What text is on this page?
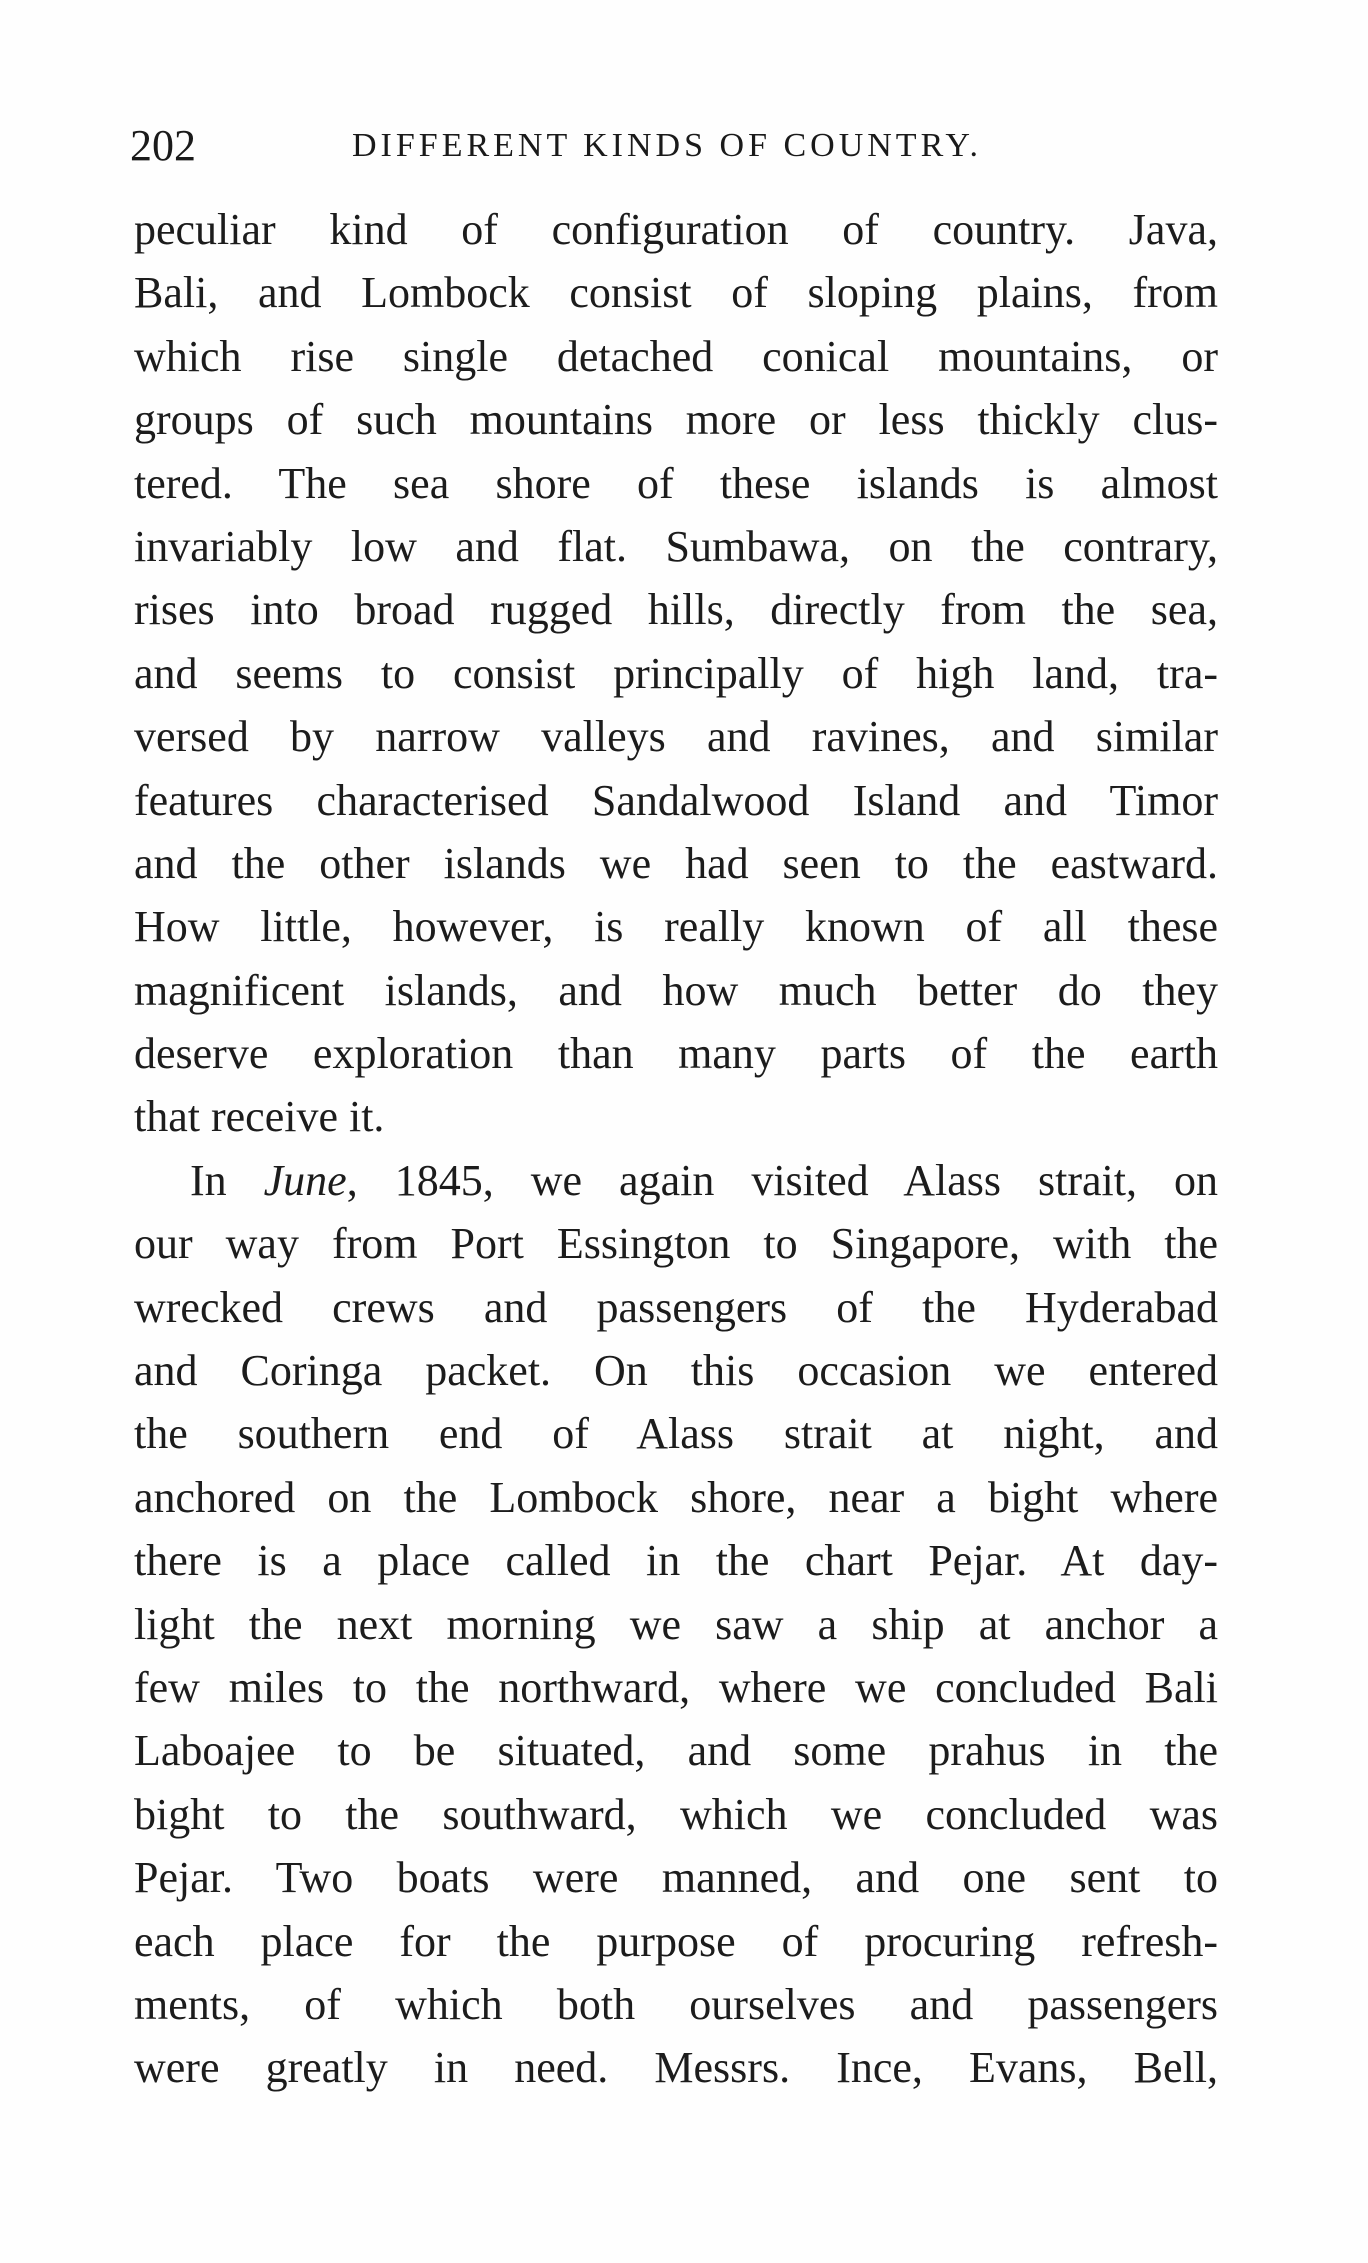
202	DIFFERENT KINDS OF COUNTRY.
peculiar kind of configuration of country. Java,
Bali, and Lombock consist of sloping plains, from
which rise single detached conical mountains, or
groups of such mountains more or less thickly clus-
tered. The sea shore of these islands is almost
invariably low and flat. Sumbawa, on the contrary,
rises into broad rugged hills, directly from the sea,
and seems to consist principally of high land, tra-
versed by narrow valleys and ravines, and similar
features characterised Sandalwood Island and Timor
and the other islands we had seen to the eastward.
How little, however, is really known of all these
magnificent islands, and how much better do they
deserve exploration than many parts of the earth
that receive it.
In June, 1845, we again visited Alass strait, on
our way from Port Essington to Singapore, with the
wrecked crews and passengers of the Hyderabad
and Coringa packet. On this occasion we entered
the southern end of Alass strait at night, and
anchored on the Lombock shore, near a bight where
there is a place called in the chart Pejar. At day-
light the next morning we saw a ship at anchor a
few miles to the northward, where we concluded Bali
Laboajee to be situated, and some prahus in the
bight to the southward, which we concluded was
Pejar. Two boats were manned, and one sent to
each place for the purpose of procuring refresh-
ments, of which both ourselves and passengers
were greatly in need. Messrs. Ince, Evans, Bell,
